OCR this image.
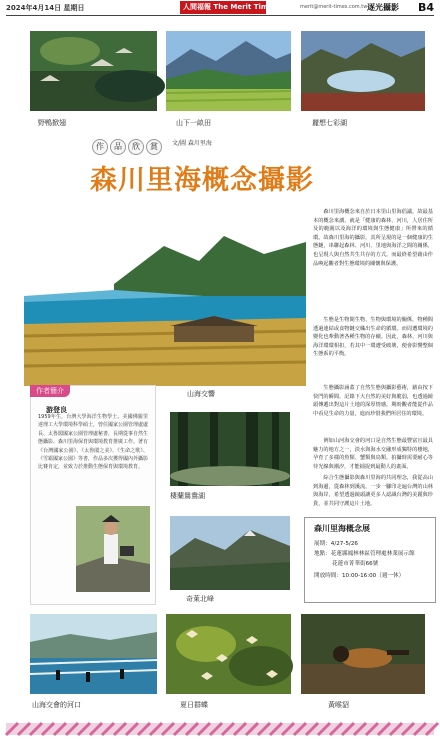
2024年4月14日 星期日	人間福報 The Merit Times	merit@merit-times.com.tw 逐光攝影 B4
野鴨掀翅	山下一畝田	麗想七彩湖
作 品 欣 賞	文/圖 森川里海
森川里海概念攝影
山海交響

森川里海概念來自於日本里山里海倡議，故最基本的概念來講，就是「健康的森林、河川，人居住所及的範圍以及海洋的環境與生態健康」所帶來的循環。故森川里海的攝影，其所呈現的是一個健康的生態鏈，串聯起森林、河川、里地與海洋之間的關係，也呈現人與自然共生共存的方式。而最終希望藉由作品喚起觀者對生態環境的關懷與保護。

生態是生物間生物、生物與環境的關係，物種間透過連結或食物鏈交織出生命的循環。而周遭環境的變化也牽動著各種生物的存續。因此，森林、河川與海洋環環相扣，若其中一環遭受破壞，便會影響整個生態系的平衡。

生態攝影涵蓋了自然生態與攝影藝術，藉由按下快門的瞬間，記錄下大自然的美好與脆弱，也透過鏡頭傳遞出對這片土地的深厚情感。期盼觀者能從作品中看見生命的力量，進而珍惜我們所居住的環境。

例如山河海交會的河口是自然生態最豐富且最具魅力的地方之一，淡水與海水交融形成獨特的棲地，孕育了多樣的魚類、蟹類與鳥類。拍攝時需要耐心等待光線與潮汐，才能捕捉到最動人的畫面。

綜合生態攝影與森川里海的共同理念，我從高山到海邊，從森林到溪流，一步一腳印走遍台灣的山林與海岸，希望透過鏡頭讓更多人認識台灣的美麗與珍貴，並共同守護這片土地。

作者簡介
游登良

1959年生，台灣大學海洋生物學士、美國佛羅里達理工大學環境科學碩士，曾任國家公園管理處處長、太魯閣國家公園管理處秘書，長期從事自然生態攝影、森川里海保育與環境教育推廣工作。著有《台灣國家公園》、《太魯閣之美》、《生命之歌》、《雪霸國家公園》等書，作品多次獲得國內外攝影比賽肯定，並致力於推動生態保育與環境教育。

棲蘭鴛鴦湖
奇萊北峰
森川里海概念展
展期：4/27-5/26
地點：花蓮縣鳳林林區管理處林業展示館
花蓮市菁華街66號
開放時間：10:00-16:00（週一休）
山海交會的河口	夏日群蝶	黃喉貂
